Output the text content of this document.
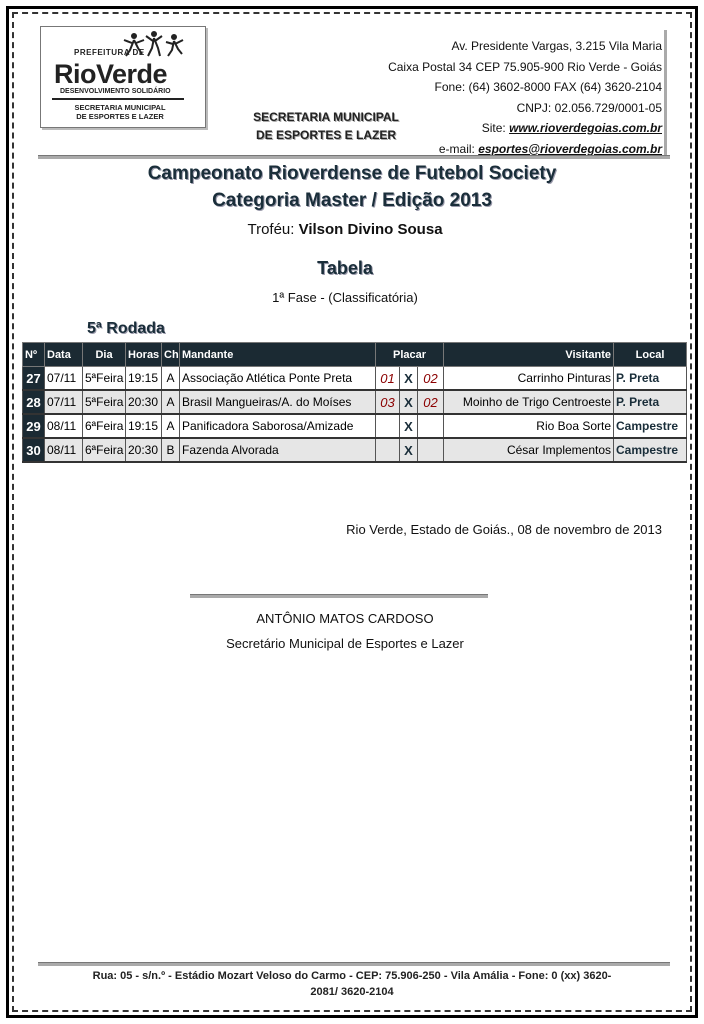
PREFEITURA DE
RioVerde
DESENVOLVIMENTO SOLIDÁRIO
SECRETARIA MUNICIPAL
DE ESPORTES E LAZER	SECRETARIA MUNICIPAL
DE ESPORTES E LAZER
Av. Presidente Vargas, 3.215 Vila Maria
Caixa Postal 34 CEP 75.905-900 Rio Verde - Goiás
Fone: (64) 3602-8000 FAX (64) 3620-2104
CNPJ: 02.056.729/0001-05
Site: www.rioverdegoias.com.br
e-mail: esportes@rioverdegoias.com.br
Campeonato Rioverdense de Futebol Society
Categoria Master / Edição 2013
Troféu: Vilson Divino Sousa
Tabela
1ª Fase - (Classificatória)
5ª Rodada
Nº	Data	Dia	Horas	Ch	Mandante	Placar			Visitante	Local
27	07/11	5ªFeira	19:15	A	Associação Atlética Ponte Preta	01	X	02	Carrinho Pinturas	P. Preta
28	07/11	5ªFeira	20:30	A	Brasil Mangueiras/A. do Moíses	03	X	02	Moinho de Trigo Centroeste	P. Preta
29	08/11	6ªFeira	19:15	A	Panificadora Saborosa/Amizade		X		Rio Boa Sorte	Campestre
30	08/11	6ªFeira	20:30	B	Fazenda Alvorada		X		César Implementos	Campestre
Rio Verde, Estado de Goiás., 08 de novembro de 2013
ANTÔNIO MATOS CARDOSO
Secretário Municipal de Esportes e Lazer
Rua: 05 - s/n.º - Estádio Mozart Veloso do Carmo - CEP: 75.906-250 - Vila Amália - Fone: 0 (xx) 3620-
2081/ 3620-2104
